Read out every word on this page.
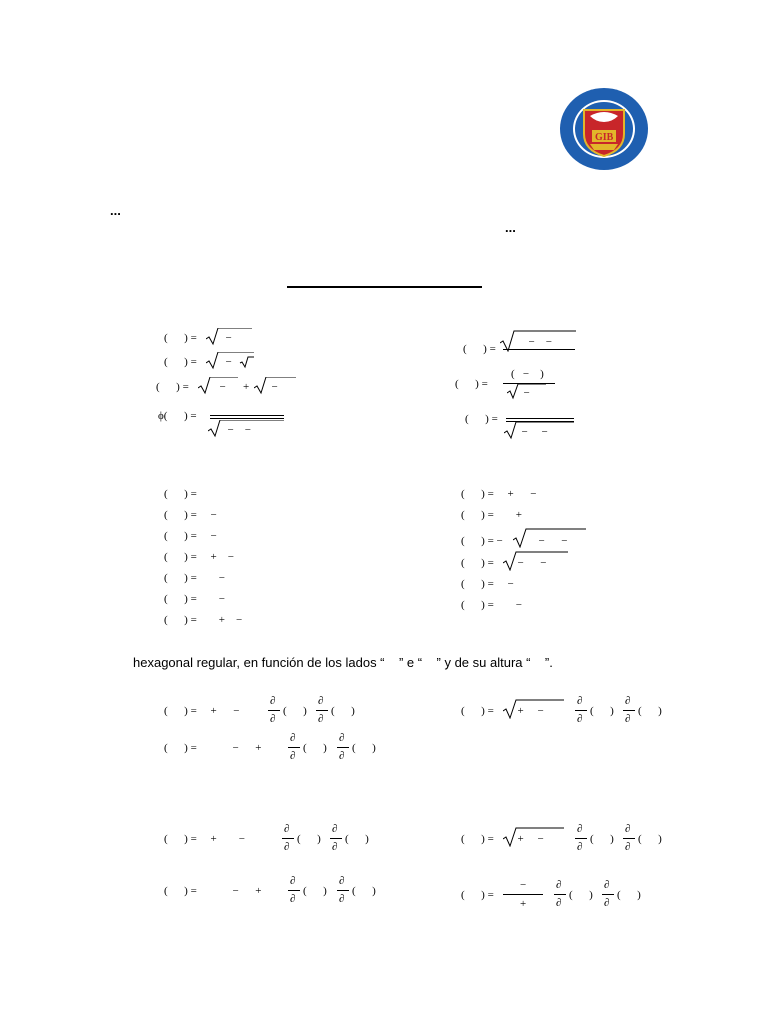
GIB
...
...
(      ) = −
(      ) = −
(      ) = − + −
ϕ(      ) =
−    −
(      ) =
−    −
(      ) =
(   −    )
−
(      ) =
−     −
(      ) =
(      ) =     −
(      ) =     −
(      ) =     +    −
(      ) =        −
(      ) =        −
(      ) =        +    −
(      ) =     +      −
(      ) =        +
(      ) = − −      −
(      ) = −      −
(      ) =     −
(      ) =        −
hexagonal regular, en función de los lados “    ” e “    ” y de su altura “    ”.
(      ) =     +      −
∂
∂
(      )
∂
∂
(      )
(      ) =             −      +
∂
∂
(      )
∂
∂
(      )
(      ) = +     −
∂
∂
(      )
∂
∂
(      )
(      ) =     +        −
∂
∂
(      )
∂
∂
(      )
(      ) =             −      +
∂
∂
(      )
∂
∂
(      )
(      ) = +     −
∂
∂
(      )
∂
∂
(      )
(      ) =
−
+
∂
∂
(      )
∂
∂
(      )
